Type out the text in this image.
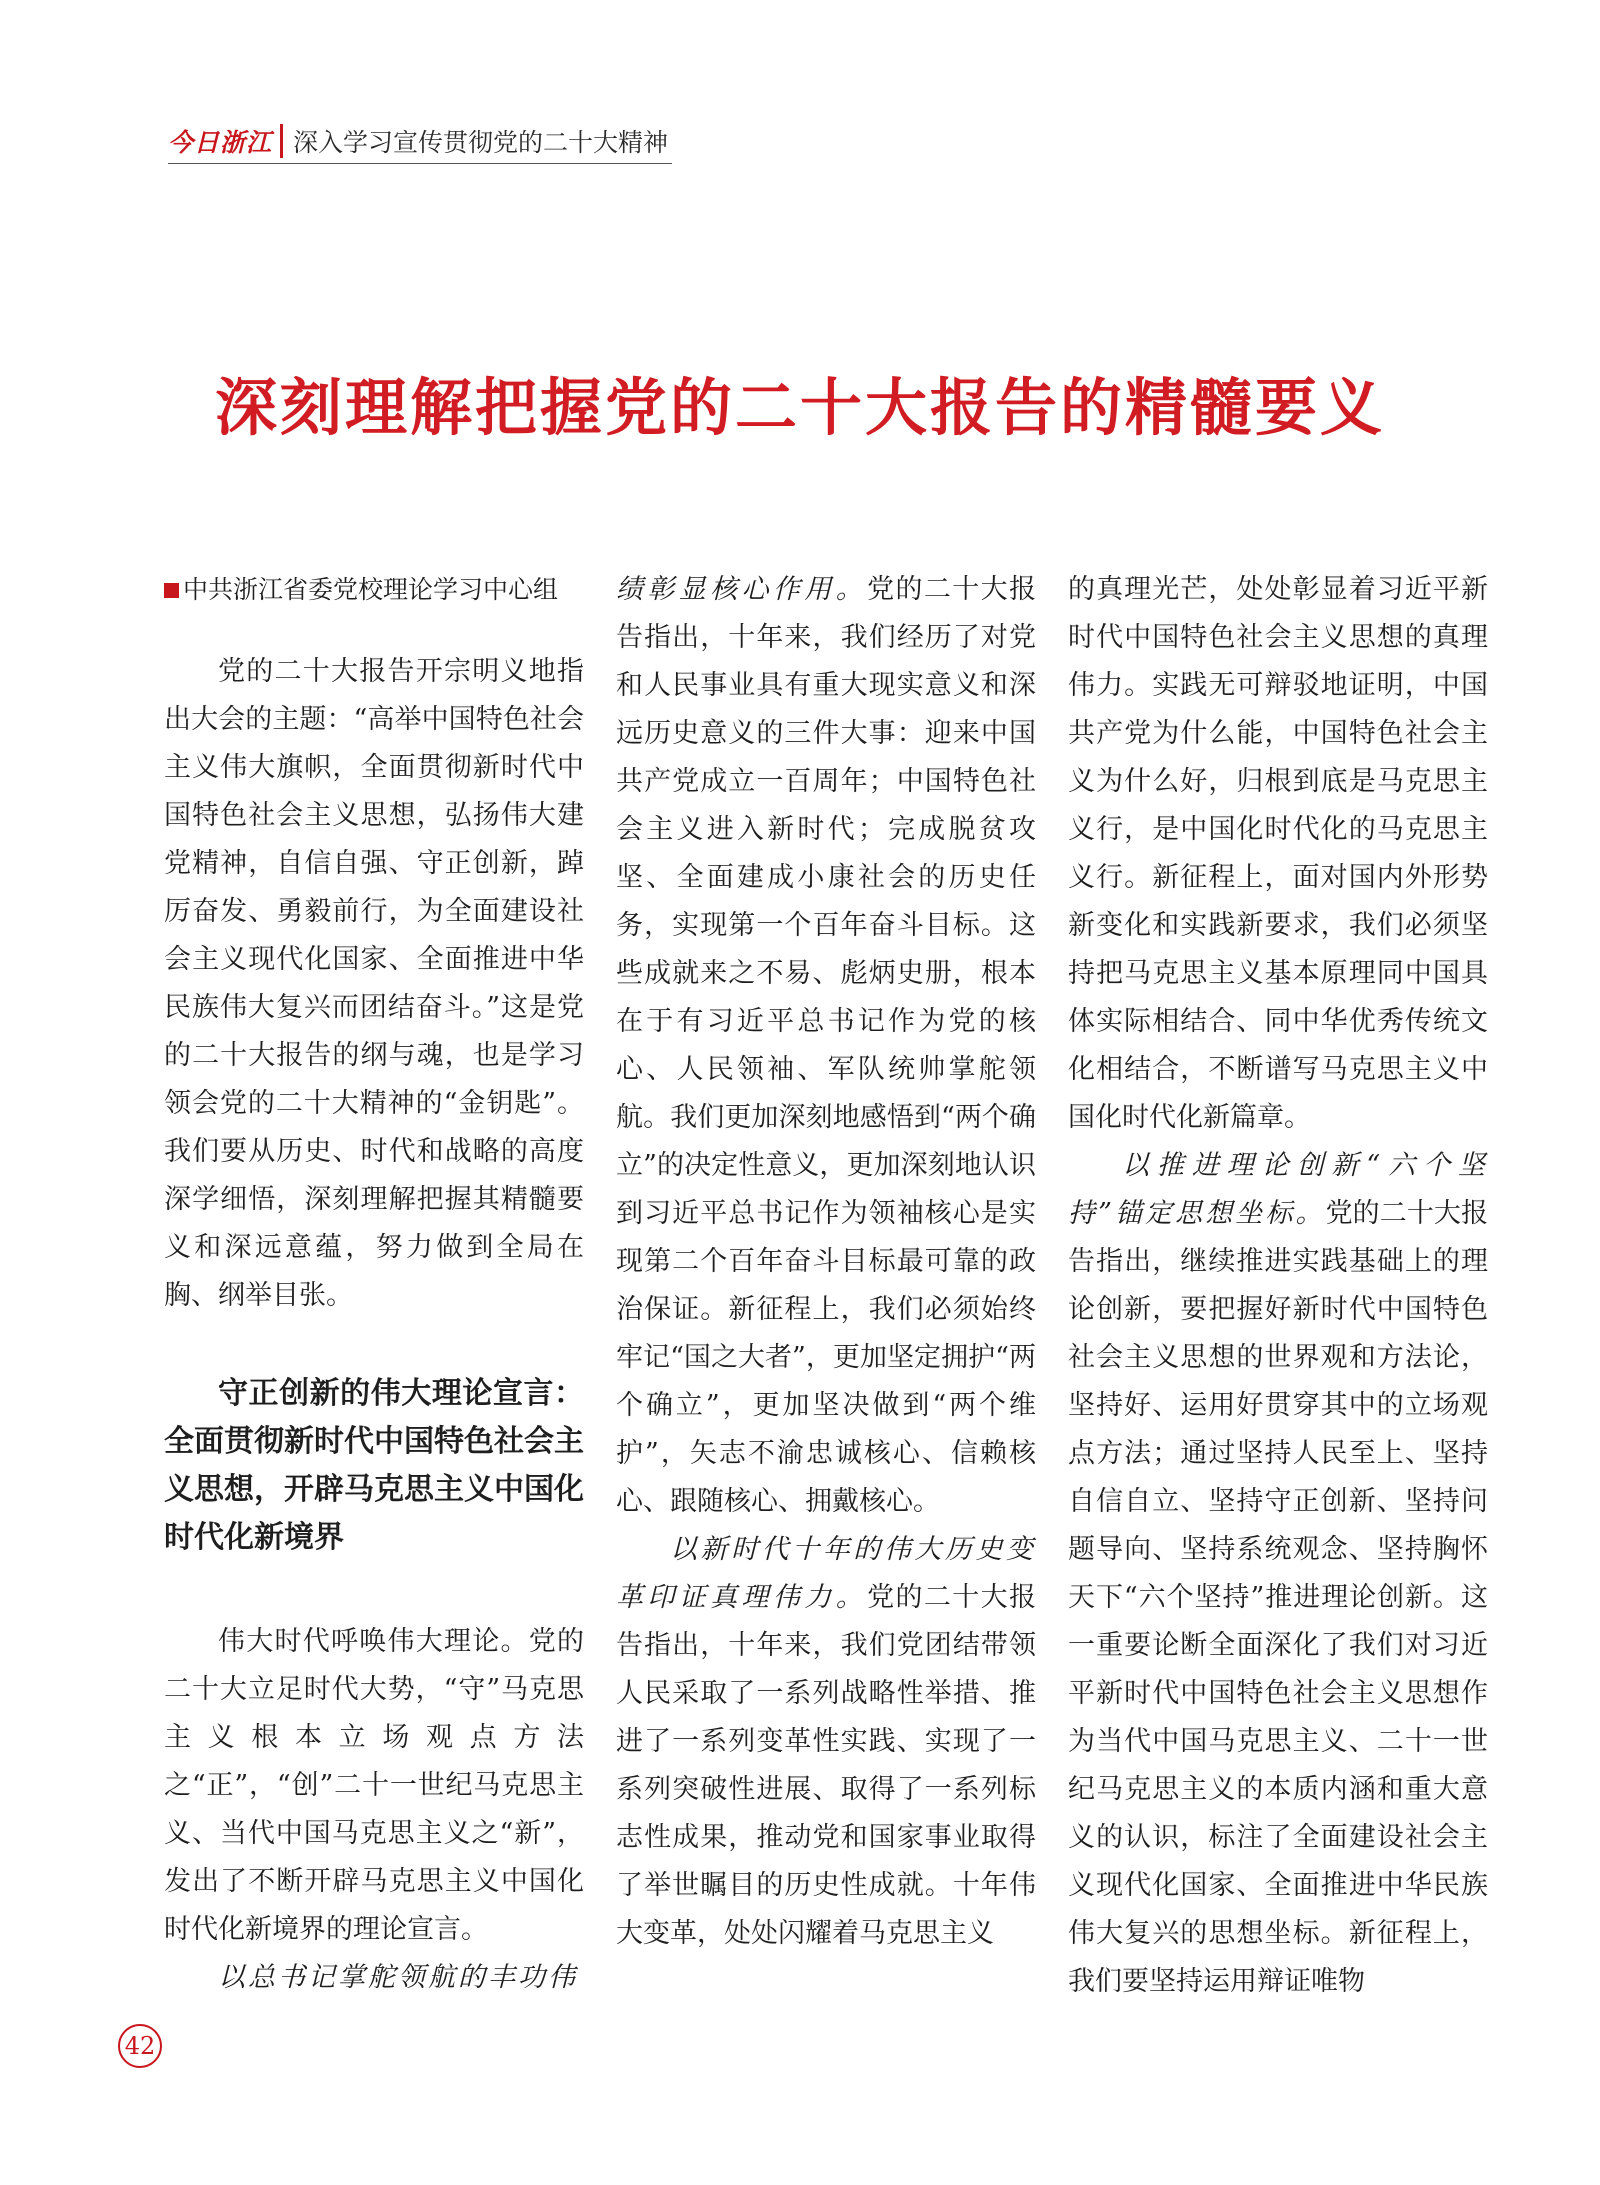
今日浙江 深入学习宣传贯彻党的二十大精神
深刻理解把握党的二十大报告的精髓要义
中共浙江省委党校理论学习中心组

党的二十大报告开宗明义地指出大会的主题：“高举中国特色社会主义伟大旗帜，全面贯彻新时代中国特色社会主义思想，弘扬伟大建党精神，自信自强、守正创新，踔厉奋发、勇毅前行，为全面建设社会主义现代化国家、全面推进中华民族伟大复兴而团结奋斗。”这是党的二十大报告的纲与魂，也是学习领会党的二十大精神的“金钥匙”。我们要从历史、时代和战略的高度深学细悟，深刻理解把握其精髓要义和深远意蕴，努力做到全局在胸、纲举目张。

守正创新的伟大理论宣言：全面贯彻新时代中国特色社会主义思想，开辟马克思主义中国化时代化新境界

伟大时代呼唤伟大理论。党的二十大立足时代大势，“守”马克思主义根本立场观点方法之“正”，“创”二十一世纪马克思主义、当代中国马克思主义之“新”，发出了不断开辟马克思主义中国化时代化新境界的理论宣言。

以总书记掌舵领航的丰功伟

绩彰显核心作用。党的二十大报告指出，十年来，我们经历了对党和人民事业具有重大现实意义和深远历史意义的三件大事：迎来中国共产党成立一百周年；中国特色社会主义进入新时代；完成脱贫攻坚、全面建成小康社会的历史任务，实现第一个百年奋斗目标。这些成就来之不易、彪炳史册，根本在于有习近平总书记作为党的核心、人民领袖、军队统帅掌舵领航。我们更加深刻地感悟到“两个确立”的决定性意义，更加深刻地认识到习近平总书记作为领袖核心是实现第二个百年奋斗目标最可靠的政治保证。新征程上，我们必须始终牢记“国之大者”，更加坚定拥护“两个确立”，更加坚决做到“两个维护”，矢志不渝忠诚核心、信赖核心、跟随核心、拥戴核心。

以新时代十年的伟大历史变革印证真理伟力。党的二十大报告指出，十年来，我们党团结带领人民采取了一系列战略性举措、推进了一系列变革性实践、实现了一系列突破性进展、取得了一系列标志性成果，推动党和国家事业取得了举世瞩目的历史性成就。十年伟大变革，处处闪耀着马克思主义

的真理光芒，处处彰显着习近平新时代中国特色社会主义思想的真理伟力。实践无可辩驳地证明，中国共产党为什么能，中国特色社会主义为什么好，归根到底是马克思主义行，是中国化时代化的马克思主义行。新征程上，面对国内外形势新变化和实践新要求，我们必须坚持把马克思主义基本原理同中国具体实际相结合、同中华优秀传统文化相结合，不断谱写马克思主义中国化时代化新篇章。

以推进理论创新“六个坚持”锚定思想坐标。党的二十大报告指出，继续推进实践基础上的理论创新，要把握好新时代中国特色社会主义思想的世界观和方法论，坚持好、运用好贯穿其中的立场观点方法；通过坚持人民至上、坚持自信自立、坚持守正创新、坚持问题导向、坚持系统观念、坚持胸怀天下“六个坚持”推进理论创新。这一重要论断全面深化了我们对习近平新时代中国特色社会主义思想作为当代中国马克思主义、二十一世纪马克思主义的本质内涵和重大意义的认识，标注了全面建设社会主义现代化国家、全面推进中华民族伟大复兴的思想坐标。新征程上，我们要坚持运用辩证唯物

42
